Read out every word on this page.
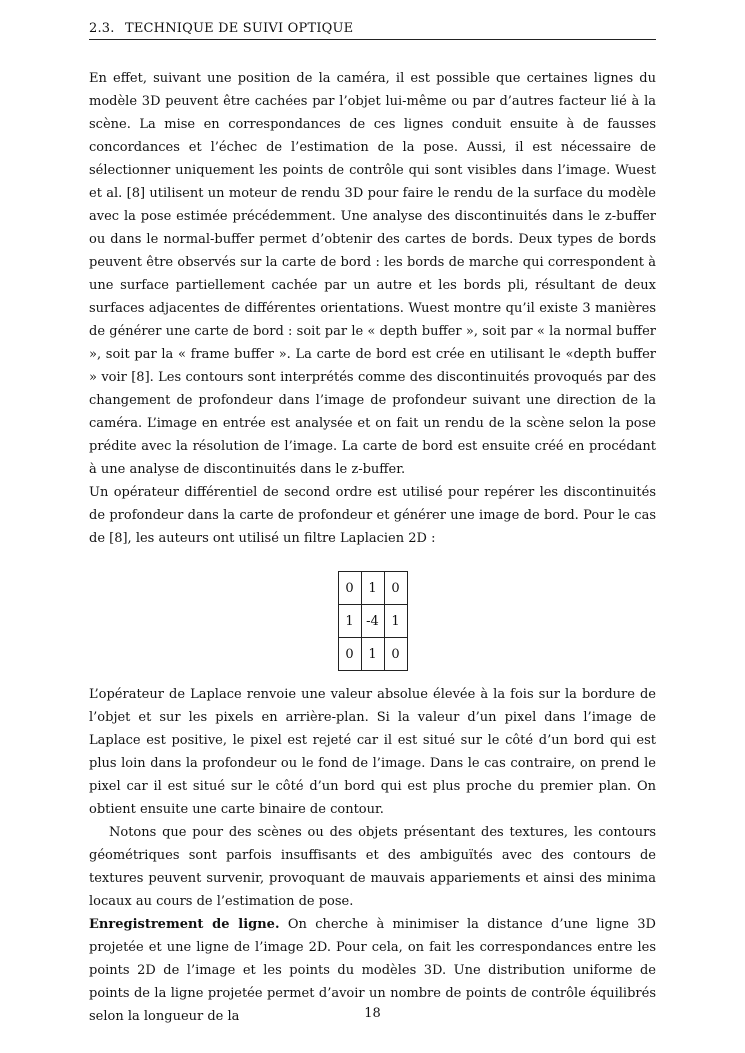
2.3. TECHNIQUE DE SUIVI OPTIQUE

En effet, suivant une position de la caméra, il est possible que certaines lignes du modèle 3D peuvent être cachées par l’objet lui-même ou par d’autres facteur lié à la scène. La mise en correspondances de ces lignes conduit ensuite à de fausses concordances et l’échec de l’estimation de la pose. Aussi, il est nécessaire de sélectionner uniquement les points de contrôle qui sont visibles dans l’image. Wuest et al. [8] utilisent un moteur de rendu 3D pour faire le rendu de la surface du modèle avec la pose estimée précédemment. Une analyse des discontinuités dans le z-buffer ou dans le normal-buffer permet d’obtenir des cartes de bords. Deux types de bords peuvent être observés sur la carte de bord : les bords de marche qui correspondent à une surface partiellement cachée par un autre et les bords pli, résultant de deux surfaces adjacentes de différentes orientations. Wuest montre qu’il existe 3 manières de générer une carte de bord : soit par le « depth buffer », soit par « la normal buffer », soit par la « frame buffer ». La carte de bord est crée en utilisant le «depth buffer » voir [8]. Les contours sont interprétés comme des discontinuités provoqués par des changement de profondeur dans l’image de profondeur suivant une direction de la caméra. L’image en entrée est analysée et on fait un rendu de la scène selon la pose prédite avec la résolution de l’image. La carte de bord est ensuite créé en procédant à une analyse de discontinuités dans le z-buffer.

Un opérateur différentiel de second ordre est utilisé pour repérer les discontinuités de profondeur dans la carte de profondeur et générer une image de bord. Pour le cas de [8], les auteurs ont utilisé un filtre Laplacien 2D :

0	1	0
1	-4	1
0	1	0

L’opérateur de Laplace renvoie une valeur absolue élevée à la fois sur la bordure de l’objet et sur les pixels en arrière-plan. Si la valeur d’un pixel dans l’image de Laplace est positive, le pixel est rejeté car il est situé sur le côté d’un bord qui est plus loin dans la profondeur ou le fond de l’image. Dans le cas contraire, on prend le pixel car il est situé sur le côté d’un bord qui est plus proche du premier plan. On obtient ensuite une carte binaire de contour.

Notons que pour des scènes ou des objets présentant des textures, les contours géométriques sont parfois insuffisants et des ambiguïtés avec des contours de textures peuvent survenir, provoquant de mauvais appariements et ainsi des minima locaux au cours de l’estimation de pose.

Enregistrement de ligne. On cherche à minimiser la distance d’une ligne 3D projetée et une ligne de l’image 2D. Pour cela, on fait les correspondances entre les points 2D de l’image et les points du modèles 3D. Une distribution uniforme de points de la ligne projetée permet d’avoir un nombre de points de contrôle équilibrés selon la longueur de la	18
